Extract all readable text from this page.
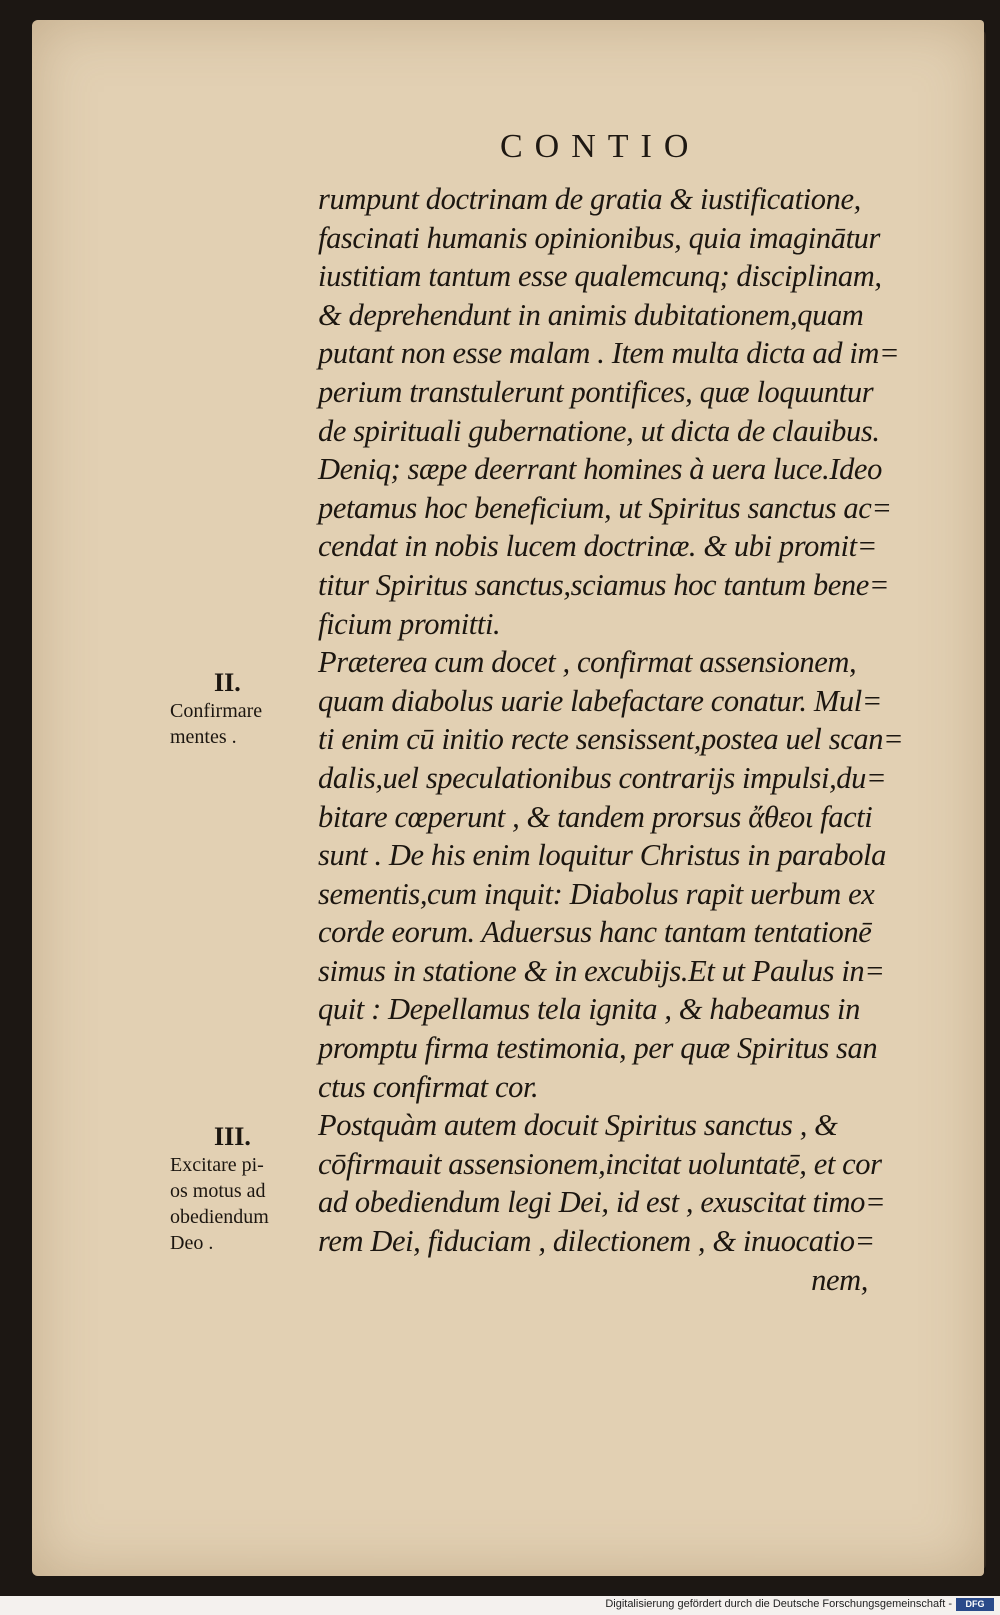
CONTIO
rumpunt doctrinam de gratia & iustificatione,
fascinati humanis opinionibus, quia imaginātur
iustitiam tantum esse qualemcunq; disciplinam,
& deprehendunt in animis dubitationem,quam
putant non esse malam . Item multa dicta ad im=
perium transtulerunt pontifices, quæ loquuntur
de spirituali gubernatione, ut dicta de clauibus.
Deniq; sæpe deerrant homines à uera luce.Ideo
petamus hoc beneficium, ut Spiritus sanctus ac=
cendat in nobis lucem doctrinæ. & ubi promit=
titur Spiritus sanctus,sciamus hoc tantum bene=
ficium promitti.
Præterea cum docet , confirmat assensionem,
quam diabolus uarie labefactare conatur. Mul=
ti enim cū initio recte sensissent,postea uel scan=
dalis,uel speculationibus contrarijs impulsi,du=
bitare cœperunt , & tandem prorsus ἄθεοι facti
sunt . De his enim loquitur Christus in parabola
sementis,cum inquit: Diabolus rapit uerbum ex
corde eorum. Aduersus hanc tantam tentationē
simus in statione & in excubijs.Et ut Paulus in=
quit : Depellamus tela ignita , & habeamus in
promptu firma testimonia, per quæ Spiritus san
ctus confirmat cor.
Postquàm autem docuit Spiritus sanctus , &
cōfirmauit assensionem,incitat uoluntatē, et cor
ad obediendum legi Dei, id est , exuscitat timo=
rem Dei, fiduciam , dilectionem , & inuocatio=
nem,
II.
Confirmare
mentes .
III.
Excitare pi-
os motus ad
obediendum
Deo .
Digitalisierung gefördert durch die Deutsche Forschungsgemeinschaft -	DFG
